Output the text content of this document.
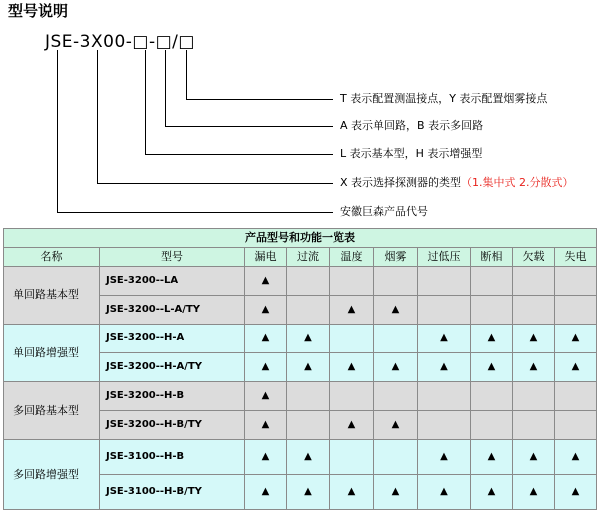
型号说明
JSE-3X00-□-□/□
T 表示配置测温接点，Y 表示配置烟雾接点
A 表示单回路，B 表示多回路
L 表示基本型，H 表示增强型
X 表示选择探测器的类型（1.集中式 2.分散式）
安徽巨森产品代号
产品型号和功能一览表									
名称	型号	漏电	过流	温度	烟雾	过低压	断相	欠载	失电
单回路基本型	JSE-3200--LA	▲							
	JSE-3200--L-A/TY	▲		▲	▲				
单回路增强型	JSE-3200--H-A	▲	▲			▲	▲	▲	▲
	JSE-3200--H-A/TY	▲	▲	▲	▲	▲	▲	▲	▲
多回路基本型	JSE-3200--H-B	▲							
	JSE-3200--H-B/TY	▲		▲	▲				
多回路增强型	JSE-3100--H-B	▲	▲			▲	▲	▲	▲
	JSE-3100--H-B/TY	▲	▲	▲	▲	▲	▲	▲	▲
